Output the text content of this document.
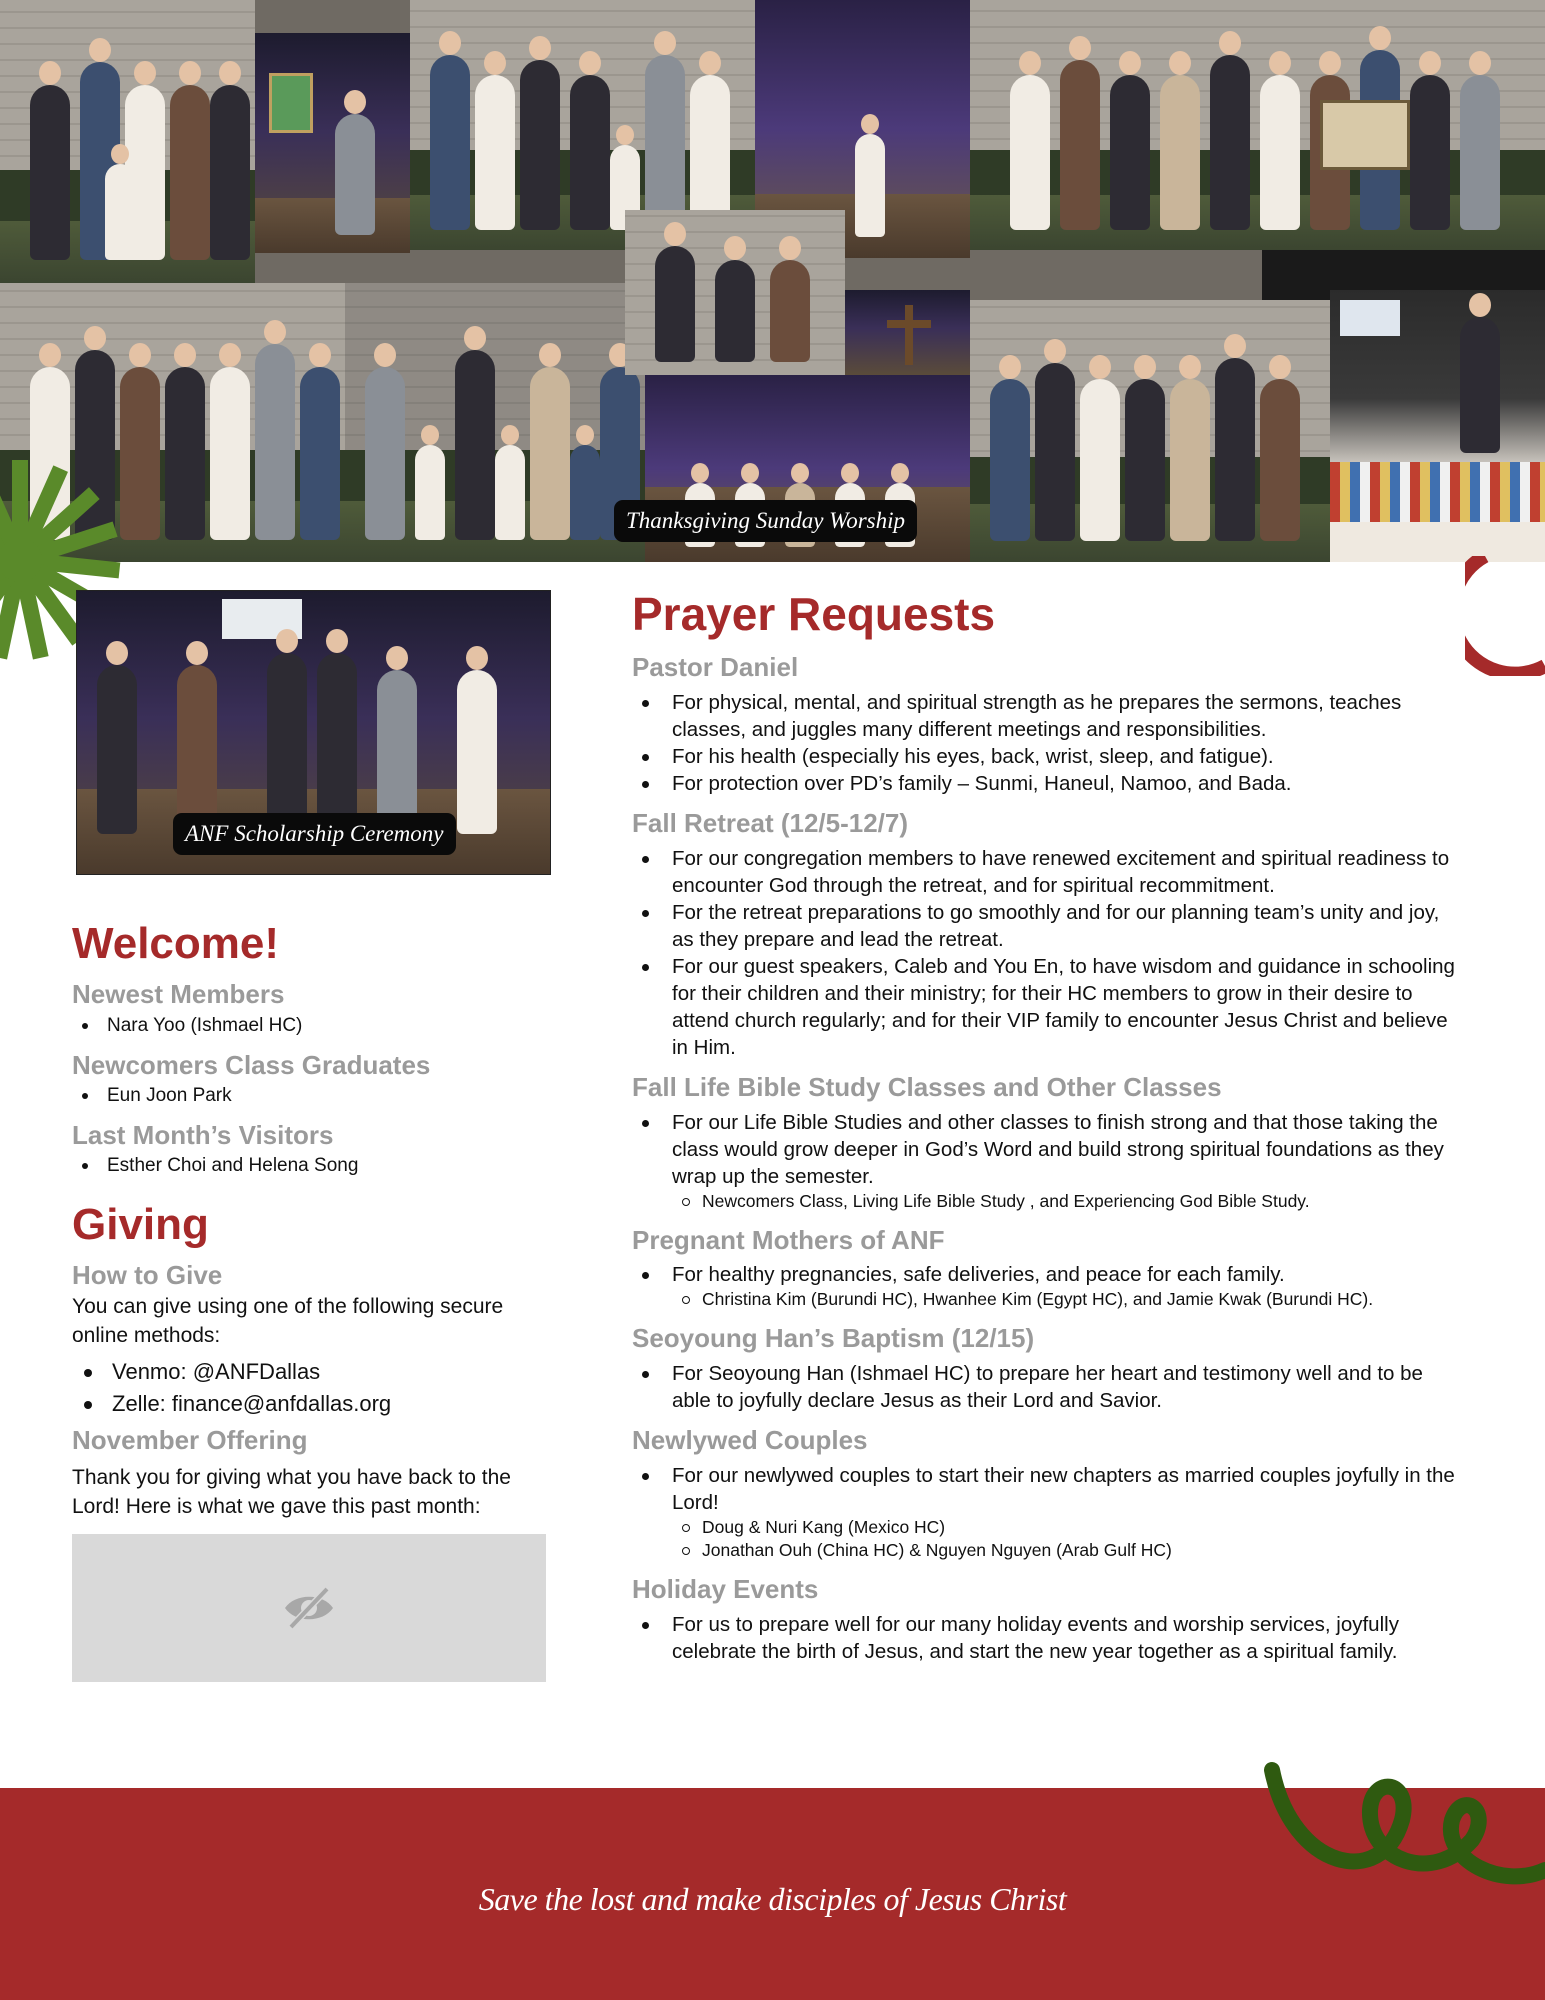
Thanksgiving Sunday Worship
ANF Scholarship Ceremony
Welcome!
Newest Members
Nara Yoo (Ishmael HC)
Newcomers Class Graduates
Eun Joon Park
Last Month’s Visitors
Esther Choi and Helena Song
Giving
How to Give
You can give using one of the following secure online methods:
Venmo: @ANFDallas
Zelle: finance@anfdallas.org
November Offering
Thank you for giving what you have back to the Lord! Here is what we gave this past month:
Prayer Requests
Pastor Daniel
For physical, mental, and spiritual strength as he prepares the sermons, teaches classes, and juggles many different meetings and responsibilities.
For his health (especially his eyes, back, wrist, sleep, and fatigue).
For protection over PD’s family – Sunmi, Haneul, Namoo, and Bada.
Fall Retreat (12/5-12/7)
For our congregation members to have renewed excitement and spiritual readiness to encounter God through the retreat, and for spiritual recommitment.
For the retreat preparations to go smoothly and for our planning team’s unity and joy, as they prepare and lead the retreat.
For our guest speakers, Caleb and You En, to have wisdom and guidance in schooling for their children and their ministry; for their HC members to grow in their desire to attend church regularly; and for their VIP family to encounter Jesus Christ and believe in Him.
Fall Life Bible Study Classes and Other Classes
For our Life Bible Studies and other classes to finish strong and that those taking the class would grow deeper in God’s Word and build strong spiritual foundations as they wrap up the semester.
Newcomers Class, Living Life Bible Study , and Experiencing God Bible Study.
Pregnant Mothers of ANF
For healthy pregnancies, safe deliveries, and peace for each family.
Christina Kim (Burundi HC), Hwanhee Kim (Egypt HC), and Jamie Kwak (Burundi HC).
Seoyoung Han’s Baptism (12/15)
For Seoyoung Han (Ishmael HC) to prepare her heart and testimony well and to be able to joyfully declare Jesus as their Lord and Savior.
Newlywed Couples
For our newlywed couples to start their new chapters as married couples joyfully in the Lord!
Doug & Nuri Kang (Mexico HC)
Jonathan Ouh (China HC) & Nguyen Nguyen (Arab Gulf HC)
Holiday Events
For us to prepare well for our many holiday events and worship services, joyfully celebrate the birth of Jesus, and start the new year together as a spiritual family.
Save the lost and make disciples of Jesus Christ
